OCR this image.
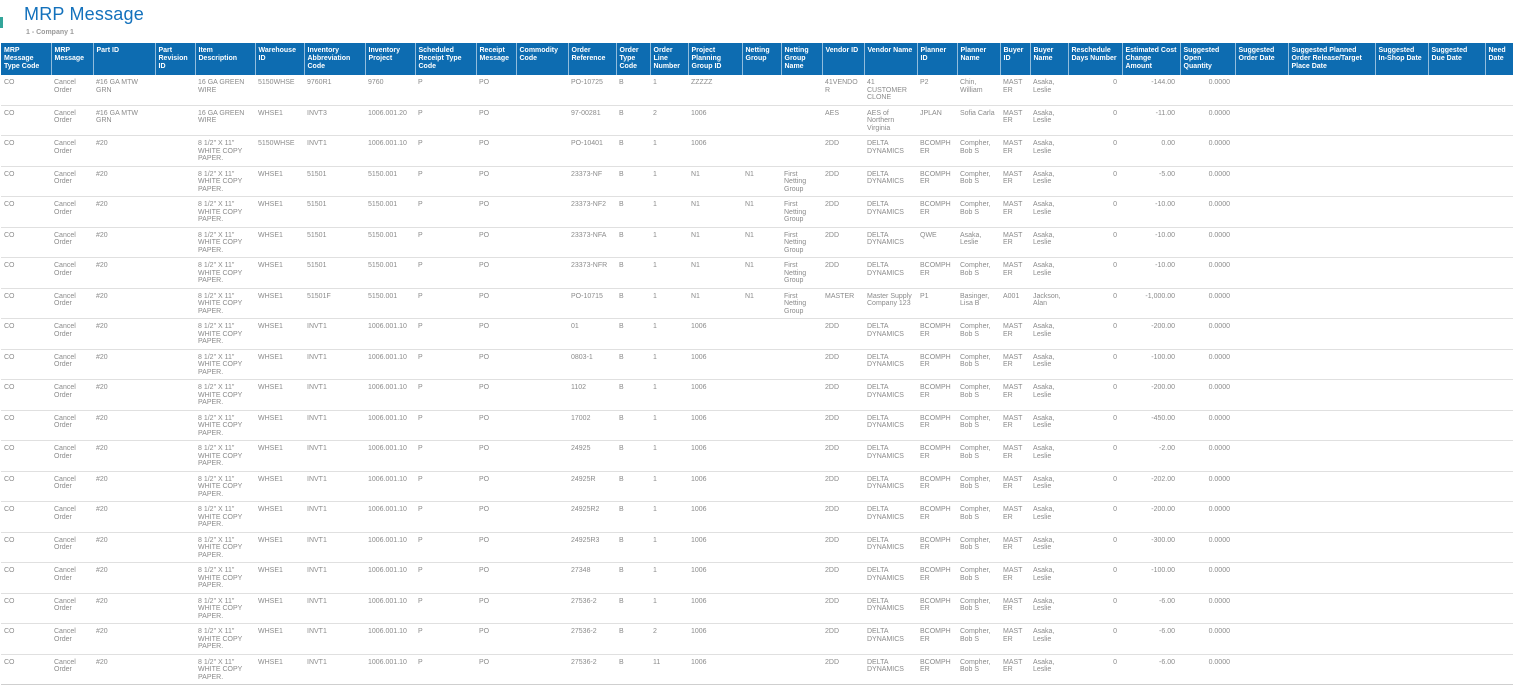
MRP Message
1 - Company 1
MRP Message Type Code	MRP Message	Part ID	Part Revision ID	Item Description	Warehouse ID	Inventory Abbreviation Code	Inventory Project	Scheduled Receipt Type Code	Receipt Message	Commodity Code	Order Reference	Order Type Code	Order Line Number	Project Planning Group ID	Netting Group	Netting Group Name	Vendor ID	Vendor Name	Planner ID	Planner Name	Buyer ID	Buyer Name	Reschedule Days Number	Estimated Cost Change Amount	Suggested Open Quantity	Suggested Order Date	Suggested Planned Order Release/Target Place Date	Suggested In-Shop Date	Suggested Due Date	Need Date
CO	Cancel Order	#16 GA MTW GRN		16 GA GREEN WIRE	5150WHSE	9760R1	9760	P	PO		PO-10725	B	1	ZZZZZ			41VENDOR	41 CUSTOMER CLONE	P2	Chin, William	MASTER	Asaka, Leslie	0	-144.00	0.0000					
CO	Cancel Order	#16 GA MTW GRN		16 GA GREEN WIRE	WHSE1	INVT3	1006.001.20	P	PO		97-00281	B	2	1006			AES	AES of Northern Virginia	JPLAN	Sofia Carla	MASTER	Asaka, Leslie	0	-11.00	0.0000					
CO	Cancel Order	#20		8 1/2" X 11" WHITE COPY PAPER.	5150WHSE	INVT1	1006.001.10	P	PO		PO-10401	B	1	1006			2DD	DELTA DYNAMICS	BCOMPHER	Compher, Bob S	MASTER	Asaka, Leslie	0	0.00	0.0000					
CO	Cancel Order	#20		8 1/2" X 11" WHITE COPY PAPER.	WHSE1	51501	5150.001	P	PO		23373-NF	B	1	N1	N1	First Netting Group	2DD	DELTA DYNAMICS	BCOMPHER	Compher, Bob S	MASTER	Asaka, Leslie	0	-5.00	0.0000					
CO	Cancel Order	#20		8 1/2" X 11" WHITE COPY PAPER.	WHSE1	51501	5150.001	P	PO		23373-NF2	B	1	N1	N1	First Netting Group	2DD	DELTA DYNAMICS	BCOMPHER	Compher, Bob S	MASTER	Asaka, Leslie	0	-10.00	0.0000					
CO	Cancel Order	#20		8 1/2" X 11" WHITE COPY PAPER.	WHSE1	51501	5150.001	P	PO		23373-NFA	B	1	N1	N1	First Netting Group	2DD	DELTA DYNAMICS	QWE	Asaka, Leslie	MASTER	Asaka, Leslie	0	-10.00	0.0000					
CO	Cancel Order	#20		8 1/2" X 11" WHITE COPY PAPER.	WHSE1	51501	5150.001	P	PO		23373-NFR	B	1	N1	N1	First Netting Group	2DD	DELTA DYNAMICS	BCOMPHER	Compher, Bob S	MASTER	Asaka, Leslie	0	-10.00	0.0000					
CO	Cancel Order	#20		8 1/2" X 11" WHITE COPY PAPER.	WHSE1	51501F	5150.001	P	PO		PO-10715	B	1	N1	N1	First Netting Group	MASTER	Master Supply Company 123	P1	Basinger, Lisa B	A001	Jackson, Alan	0	-1,000.00	0.0000					
CO	Cancel Order	#20		8 1/2" X 11" WHITE COPY PAPER.	WHSE1	INVT1	1006.001.10	P	PO		01	B	1	1006			2DD	DELTA DYNAMICS	BCOMPHER	Compher, Bob S	MASTER	Asaka, Leslie	0	-200.00	0.0000					
CO	Cancel Order	#20		8 1/2" X 11" WHITE COPY PAPER.	WHSE1	INVT1	1006.001.10	P	PO		0803-1	B	1	1006			2DD	DELTA DYNAMICS	BCOMPHER	Compher, Bob S	MASTER	Asaka, Leslie	0	-100.00	0.0000					
CO	Cancel Order	#20		8 1/2" X 11" WHITE COPY PAPER.	WHSE1	INVT1	1006.001.10	P	PO		1102	B	1	1006			2DD	DELTA DYNAMICS	BCOMPHER	Compher, Bob S	MASTER	Asaka, Leslie	0	-200.00	0.0000					
CO	Cancel Order	#20		8 1/2" X 11" WHITE COPY PAPER.	WHSE1	INVT1	1006.001.10	P	PO		17002	B	1	1006			2DD	DELTA DYNAMICS	BCOMPHER	Compher, Bob S	MASTER	Asaka, Leslie	0	-450.00	0.0000					
CO	Cancel Order	#20		8 1/2" X 11" WHITE COPY PAPER.	WHSE1	INVT1	1006.001.10	P	PO		24925	B	1	1006			2DD	DELTA DYNAMICS	BCOMPHER	Compher, Bob S	MASTER	Asaka, Leslie	0	-2.00	0.0000					
CO	Cancel Order	#20		8 1/2" X 11" WHITE COPY PAPER.	WHSE1	INVT1	1006.001.10	P	PO		24925R	B	1	1006			2DD	DELTA DYNAMICS	BCOMPHER	Compher, Bob S	MASTER	Asaka, Leslie	0	-202.00	0.0000					
CO	Cancel Order	#20		8 1/2" X 11" WHITE COPY PAPER.	WHSE1	INVT1	1006.001.10	P	PO		24925R2	B	1	1006			2DD	DELTA DYNAMICS	BCOMPHER	Compher, Bob S	MASTER	Asaka, Leslie	0	-200.00	0.0000					
CO	Cancel Order	#20		8 1/2" X 11" WHITE COPY PAPER.	WHSE1	INVT1	1006.001.10	P	PO		24925R3	B	1	1006			2DD	DELTA DYNAMICS	BCOMPHER	Compher, Bob S	MASTER	Asaka, Leslie	0	-300.00	0.0000					
CO	Cancel Order	#20		8 1/2" X 11" WHITE COPY PAPER.	WHSE1	INVT1	1006.001.10	P	PO		27348	B	1	1006			2DD	DELTA DYNAMICS	BCOMPHER	Compher, Bob S	MASTER	Asaka, Leslie	0	-100.00	0.0000					
CO	Cancel Order	#20		8 1/2" X 11" WHITE COPY PAPER.	WHSE1	INVT1	1006.001.10	P	PO		27536-2	B	1	1006			2DD	DELTA DYNAMICS	BCOMPHER	Compher, Bob S	MASTER	Asaka, Leslie	0	-6.00	0.0000					
CO	Cancel Order	#20		8 1/2" X 11" WHITE COPY PAPER.	WHSE1	INVT1	1006.001.10	P	PO		27536-2	B	2	1006			2DD	DELTA DYNAMICS	BCOMPHER	Compher, Bob S	MASTER	Asaka, Leslie	0	-6.00	0.0000					
CO	Cancel Order	#20		8 1/2" X 11" WHITE COPY PAPER.	WHSE1	INVT1	1006.001.10	P	PO		27536-2	B	11	1006			2DD	DELTA DYNAMICS	BCOMPHER	Compher, Bob S	MASTER	Asaka, Leslie	0	-6.00	0.0000					
